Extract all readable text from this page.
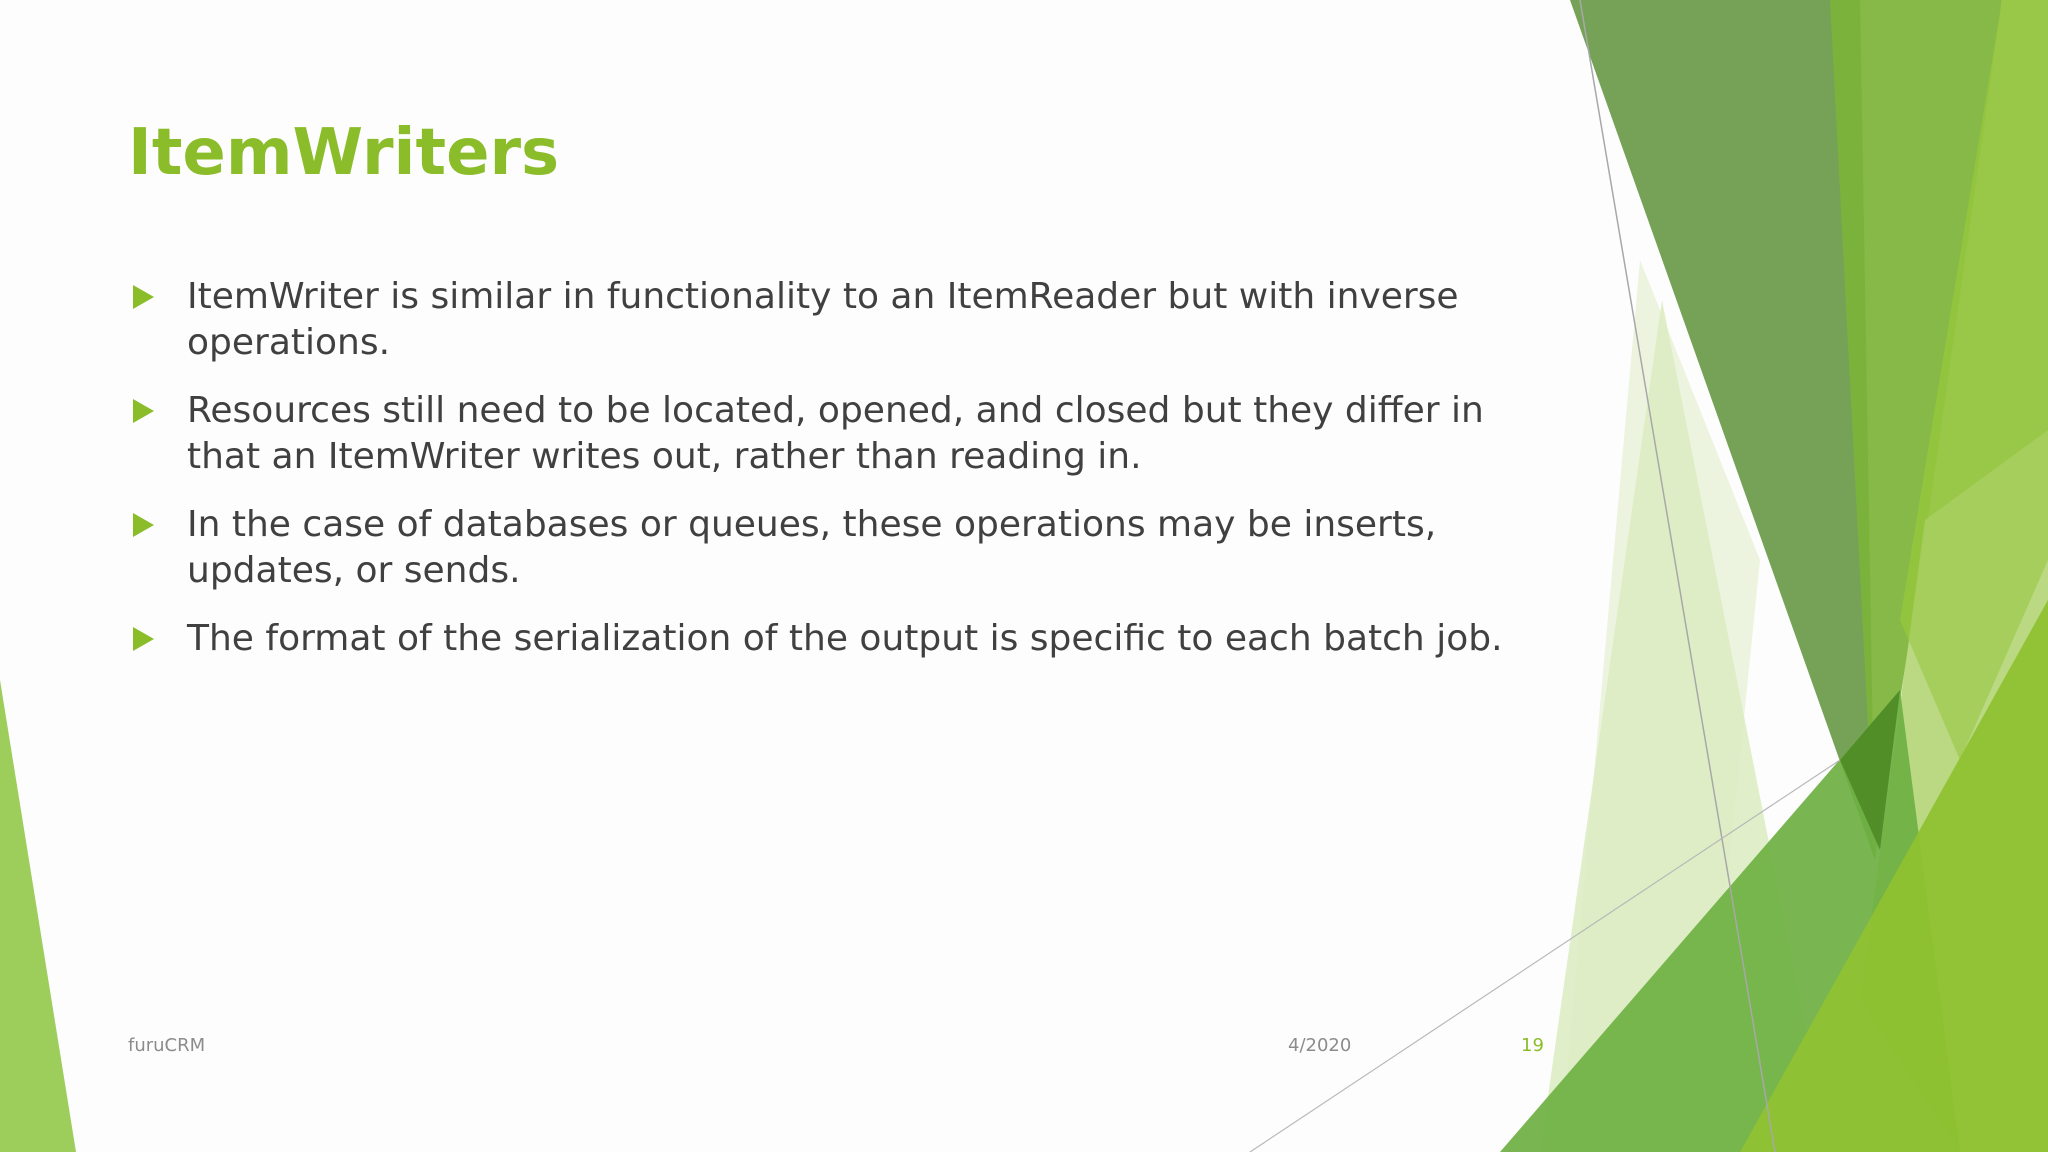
ItemWriters
ItemWriter is similar in functionality to an ItemReader but with inverse operations.
Resources still need to be located, opened, and closed but they differ in that an ItemWriter writes out, rather than reading in.
In the case of databases or queues, these operations may be inserts, updates, or sends.
The format of the serialization of the output is specific to each batch job.
furuCRM	4/2020	19
